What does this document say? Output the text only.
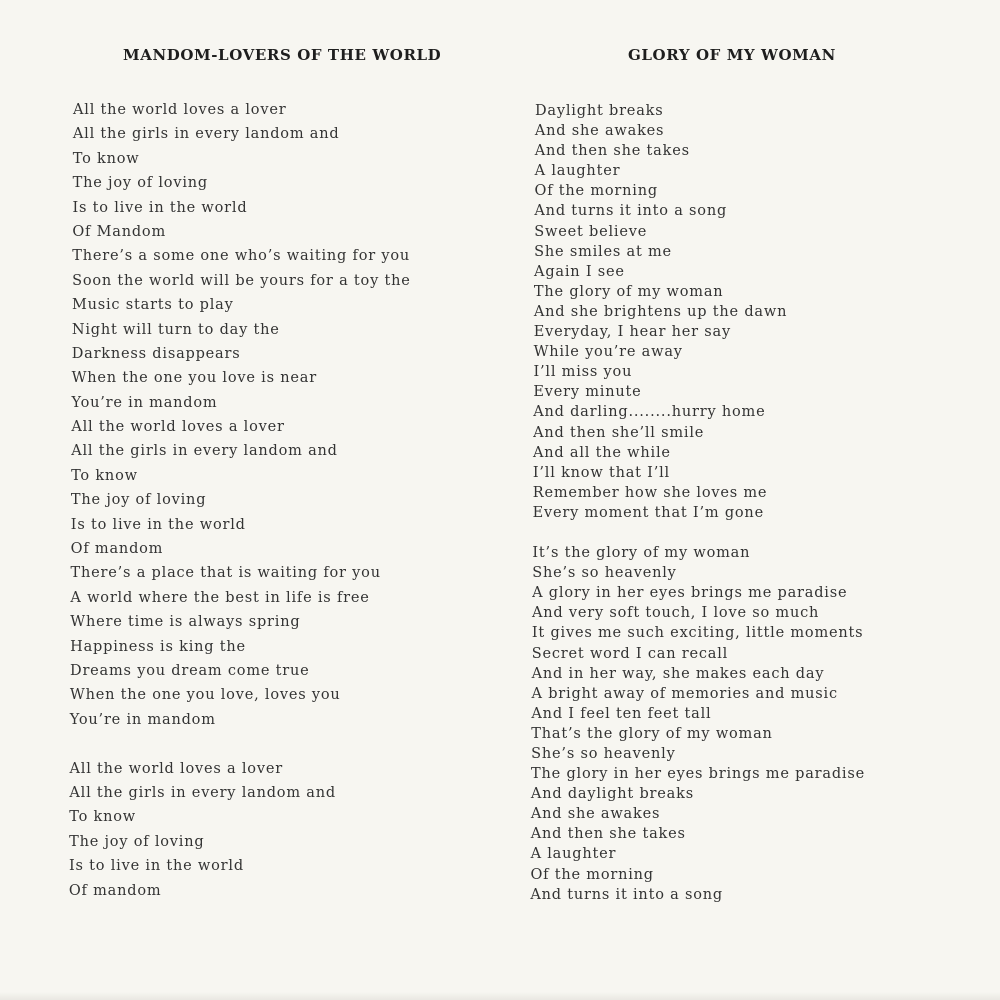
MANDOM-LOVERS OF THE WORLD
All the world loves a lover
All the girls in every landom and
To know
The joy of loving
Is to live in the world
Of Mandom
There’s a some one who’s waiting for you
Soon the world will be yours for a toy the
Music starts to play
Night will turn to day the
Darkness disappears
When the one you love is near
You’re in mandom
All the world loves a lover
All the girls in every landom and
To know
The joy of loving
Is to live in the world
Of mandom
There’s a place that is waiting for you
A world where the best in life is free
Where time is always spring
Happiness is king the
Dreams you dream come true
When the one you love, loves you
You’re in mandom
All the world loves a lover
All the girls in every landom and
To know
The joy of loving
Is to live in the world
Of mandom
GLORY OF MY WOMAN
Daylight breaks
And she awakes
And then she takes
A laughter
Of the morning
And turns it into a song
Sweet believe
She smiles at me
Again I see
The glory of my woman
And she brightens up the dawn
Everyday, I hear her say
While you’re away
I’ll miss you
Every minute
And darling........hurry home
And then she’ll smile
And all the while
I’ll know that I’ll
Remember how she loves me
Every moment that I’m gone
It’s the glory of my woman
She’s so heavenly
A glory in her eyes brings me paradise
And very soft touch, I love so much
It gives me such exciting, little moments
Secret word I can recall
And in her way, she makes each day
A bright away of memories and music
And I feel ten feet tall
That’s the glory of my woman
She’s so heavenly
The glory in her eyes brings me paradise
And daylight breaks
And she awakes
And then she takes
A laughter
Of the morning
And turns it into a song
